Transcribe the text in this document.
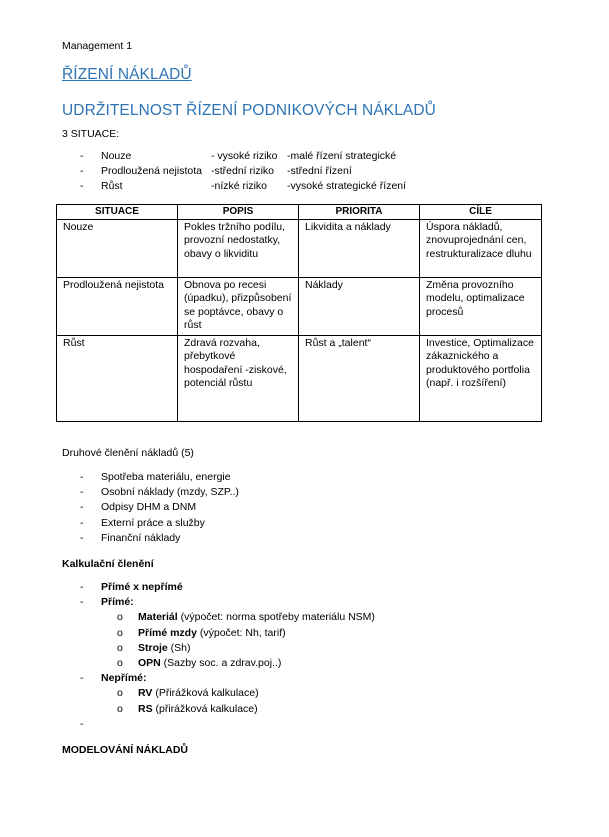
Management 1
ŘÍZENÍ NÁKLADŮ
UDRŽITELNOST ŘÍZENÍ PODNIKOVÝCH NÁKLADŮ
3 SITUACE:
- Nouze	- vysoké riziko -malé řízení strategické
- Prodloužená nejistota -střední riziko -střední řízení
- Růst	-nízké riziko -vysoké strategické řízení
SITUACE	POPIS	PRIORITA	CÍLE
Nouze	Pokles tržního podílu, provozní nedostatky, obavy o likviditu	Likvidita a náklady	Úspora nákladů, znovuprojednání cen, restrukturalizace dluhu
Prodloužená nejistota	Obnova po recesi (úpadku), přizpůsobení se poptávce, obavy o růst	Náklady	Změna provozního modelu, optimalizace procesů
Růst	Zdravá rozvaha, přebytkové hospodaření -ziskové, potenciál růstu	Růst a „talent“	Investice, Optimalizace zákaznického a produktového portfolia (např. i rozšíření)
Druhové členění nákladů (5)
- Spotřeba materiálu, energie
- Osobní náklady (mzdy, SZP..)
- Odpisy DHM a DNM
- Externí práce a služby
- Finanční náklady
Kalkulační členění
- Přímé x nepřímé
- Přímé:
o Materiál (výpočet: norma spotřeby materiálu NSM)
o Přímé mzdy (výpočet: Nh, tarif)
o Stroje (Sh)
o OPN (Sazby soc. a zdrav.poj..)
- Nepřímé:
o RV (Přirážková kalkulace)
o RS (přirážková kalkulace)
-
MODELOVÁNÍ NÁKLADŮ
